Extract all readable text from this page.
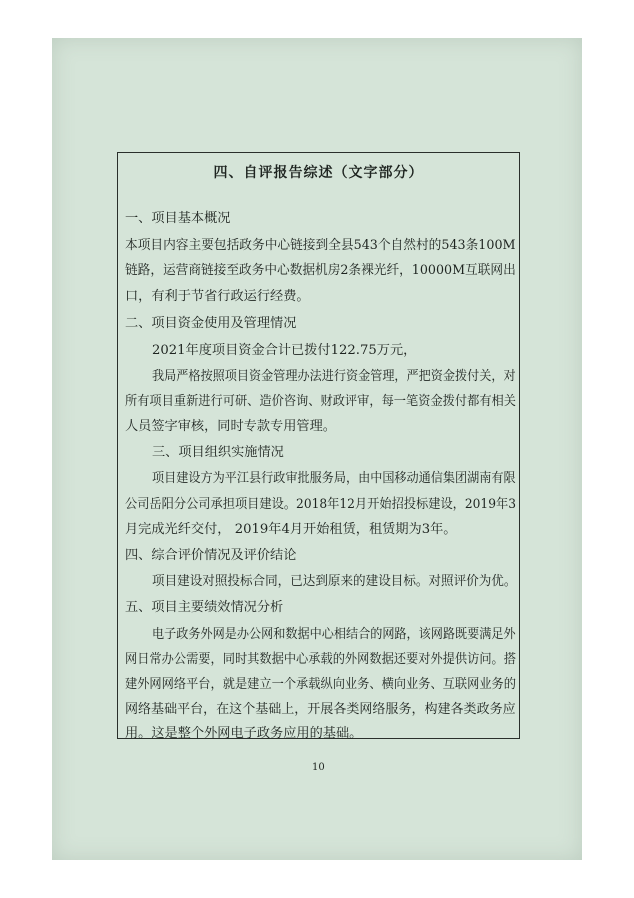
四、自评报告综述（文字部分）
一、项目基本概况
本项目内容主要包括政务中心链接到全县543个自然村的543条100M
链路，运营商链接至政务中心数据机房2条裸光纤，10000M互联网出
口，有利于节省行政运行经费。
二、项目资金使用及管理情况
2021年度项目资金合计已拨付122.75万元，
我局严格按照项目资金管理办法进行资金管理，严把资金拨付关，对
所有项目重新进行可研、造价咨询、财政评审，每一笔资金拨付都有相关
人员签字审核，同时专款专用管理。
三、项目组织实施情况
项目建设方为平江县行政审批服务局，由中国移动通信集团湖南有限
公司岳阳分公司承担项目建设。2018年12月开始招投标建设，2019年3
月完成光纤交付， 2019年4月开始租赁，租赁期为3年。
四、综合评价情况及评价结论
项目建设对照投标合同，已达到原来的建设目标。对照评价为优。
五、项目主要绩效情况分析
电子政务外网是办公网和数据中心相结合的网路，该网路既要满足外
网日常办公需要，同时其数据中心承载的外网数据还要对外提供访问。搭
建外网网络平台，就是建立一个承载纵向业务、横向业务、互联网业务的
网络基础平台，在这个基础上，开展各类网络服务，构建各类政务应
用。这是整个外网电子政务应用的基础。
10
